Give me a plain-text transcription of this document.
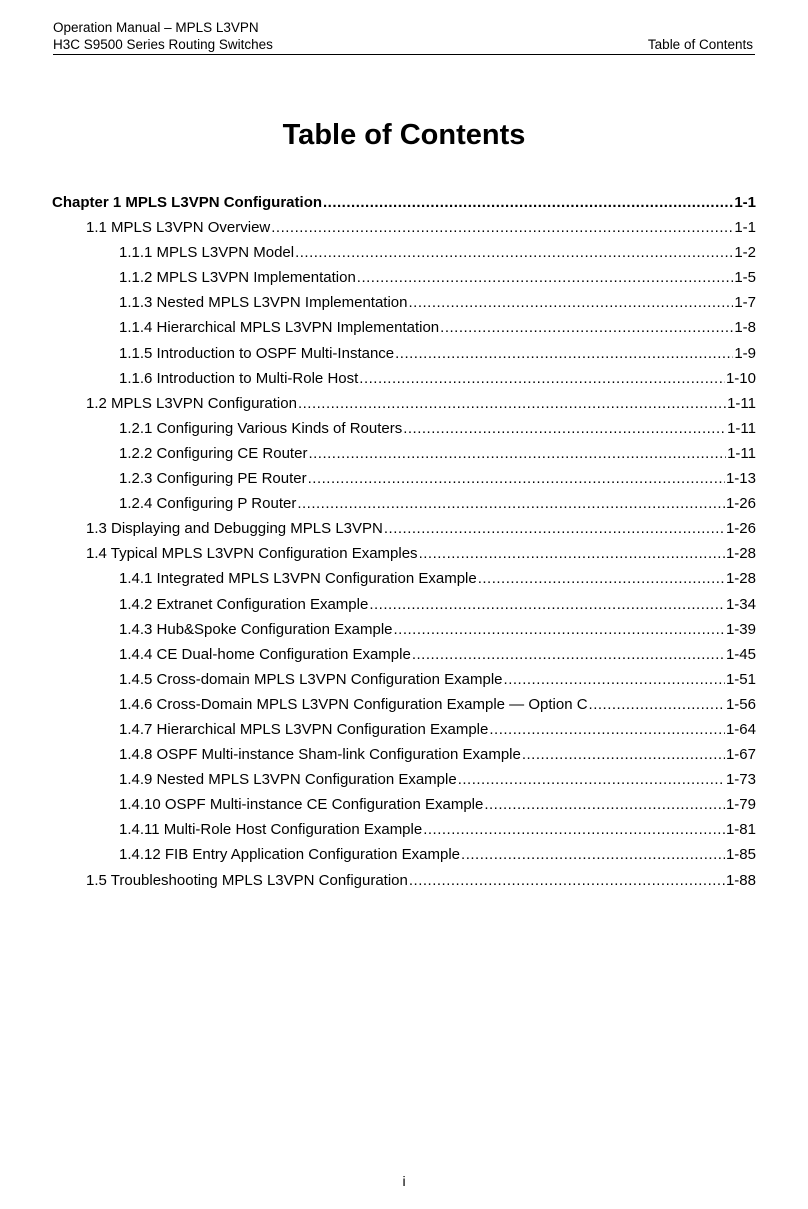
Operation Manual – MPLS L3VPN
H3C S9500 Series Routing Switches	Table of Contents
Table of Contents
Chapter 1 MPLS L3VPN Configuration .....	1-1
1.1 MPLS L3VPN Overview .....	1-1
1.1.1 MPLS L3VPN Model .....	1-2
1.1.2 MPLS L3VPN Implementation .....	1-5
1.1.3 Nested MPLS L3VPN Implementation .....	1-7
1.1.4 Hierarchical MPLS L3VPN Implementation .....	1-8
1.1.5 Introduction to OSPF Multi-Instance .....	1-9
1.1.6 Introduction to Multi-Role Host .....	1-10
1.2 MPLS L3VPN Configuration .....	1-11
1.2.1 Configuring Various Kinds of Routers .....	1-11
1.2.2 Configuring CE Router .....	1-11
1.2.3 Configuring PE Router .....	1-13
1.2.4 Configuring P Router .....	1-26
1.3 Displaying and Debugging MPLS L3VPN .....	1-26
1.4 Typical MPLS L3VPN Configuration Examples .....	1-28
1.4.1 Integrated MPLS L3VPN Configuration Example .....	1-28
1.4.2 Extranet Configuration Example .....	1-34
1.4.3 Hub&Spoke Configuration Example .....	1-39
1.4.4 CE Dual-home Configuration Example .....	1-45
1.4.5 Cross-domain MPLS L3VPN Configuration Example .....	1-51
1.4.6 Cross-Domain MPLS L3VPN Configuration Example — Option C .....	1-56
1.4.7 Hierarchical MPLS L3VPN Configuration Example .....	1-64
1.4.8 OSPF Multi-instance Sham-link Configuration Example .....	1-67
1.4.9 Nested MPLS L3VPN Configuration Example .....	1-73
1.4.10 OSPF Multi-instance CE Configuration Example .....	1-79
1.4.11 Multi-Role Host Configuration Example .....	1-81
1.4.12 FIB Entry Application Configuration Example .....	1-85
1.5 Troubleshooting MPLS L3VPN Configuration .....	1-88
i
